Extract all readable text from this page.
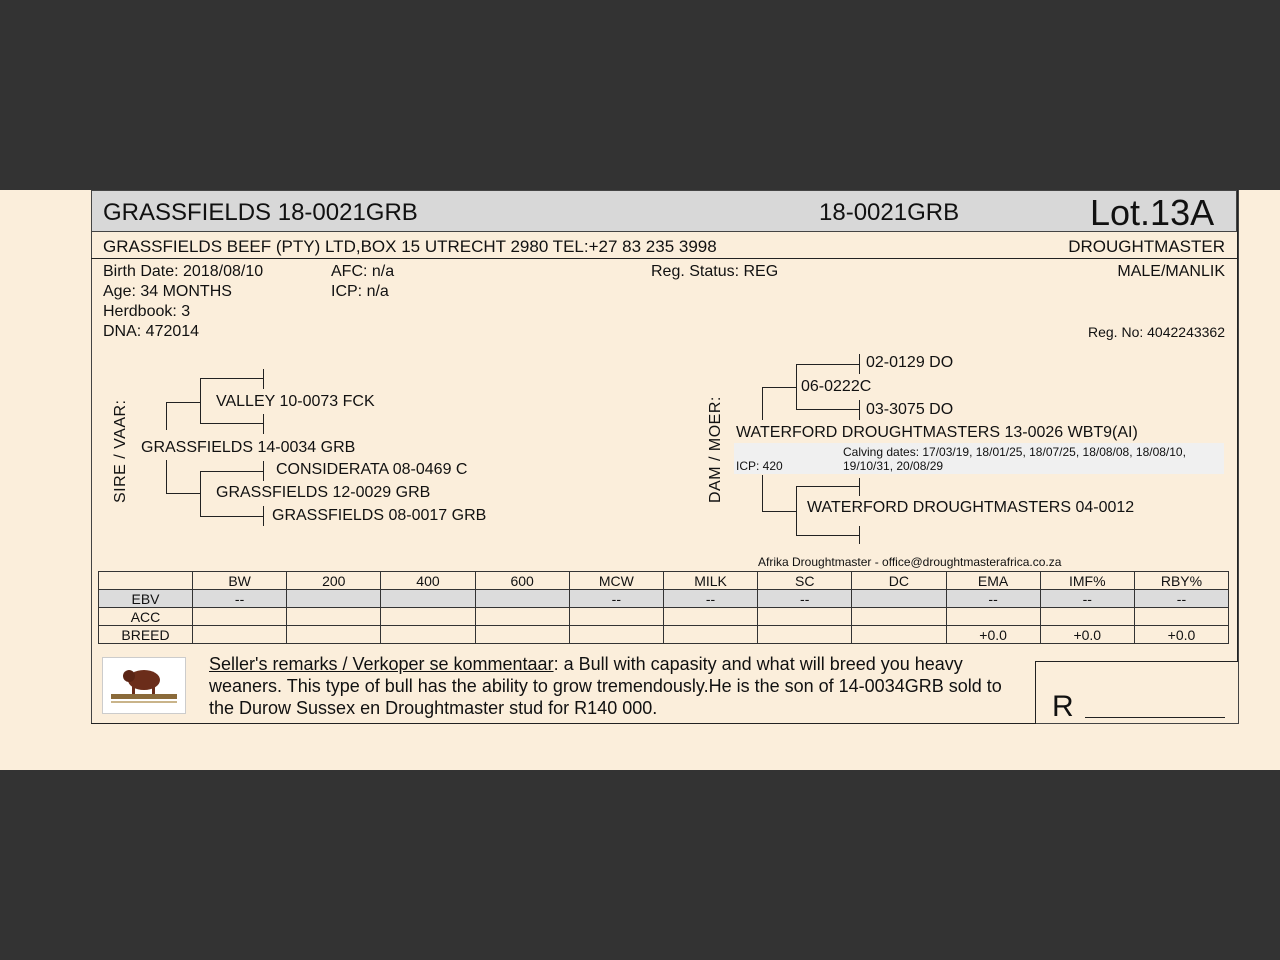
GRASSFIELDS 18-0021GRB	18-0021GRB	Lot.13A
GRASSFIELDS BEEF (PTY) LTD,BOX 15 UTRECHT 2980 TEL:+27 83 235 3998	DROUGHTMASTER
Birth Date: 2018/08/10
Age: 34 MONTHS
Herdbook: 3
DNA: 472014
AFC: n/a
ICP: n/a
Reg. Status: REG	MALE/MANLIK
Reg. No: 4042243362
SIRE / VAAR:	VALLEY 10-0073 FCK
GRASSFIELDS 14-0034 GRB
CONSIDERATA 08-0469 C
GRASSFIELDS 12-0029 GRB
GRASSFIELDS 08-0017 GRB
DAM / MOER:
02-0129 DO
06-0222C
03-3075 DO
WATERFORD DROUGHTMASTERS 13-0026 WBT9(AI)
ICP: 420
Calving dates: 17/03/19, 18/01/25, 18/07/25, 18/08/08, 18/08/10,
19/10/31, 20/08/29
WATERFORD DROUGHTMASTERS 04-0012
Afrika Droughtmaster - office@droughtmasterafrica.co.za
	BW	200	400	600	MCW	MILK	SC	DC	EMA	IMF%	RBY%
EBV	--				--	--	--		--	--	--
ACC											
BREED									+0.0	+0.0	+0.0
Seller's remarks / Verkoper se kommentaar: a Bull with capasity and what will breed you heavy weaners. This type of bull has the ability to grow tremendously.He is the son of 14-0034GRB sold to the Durow Sussex en Droughtmaster stud for R140 000.	R
